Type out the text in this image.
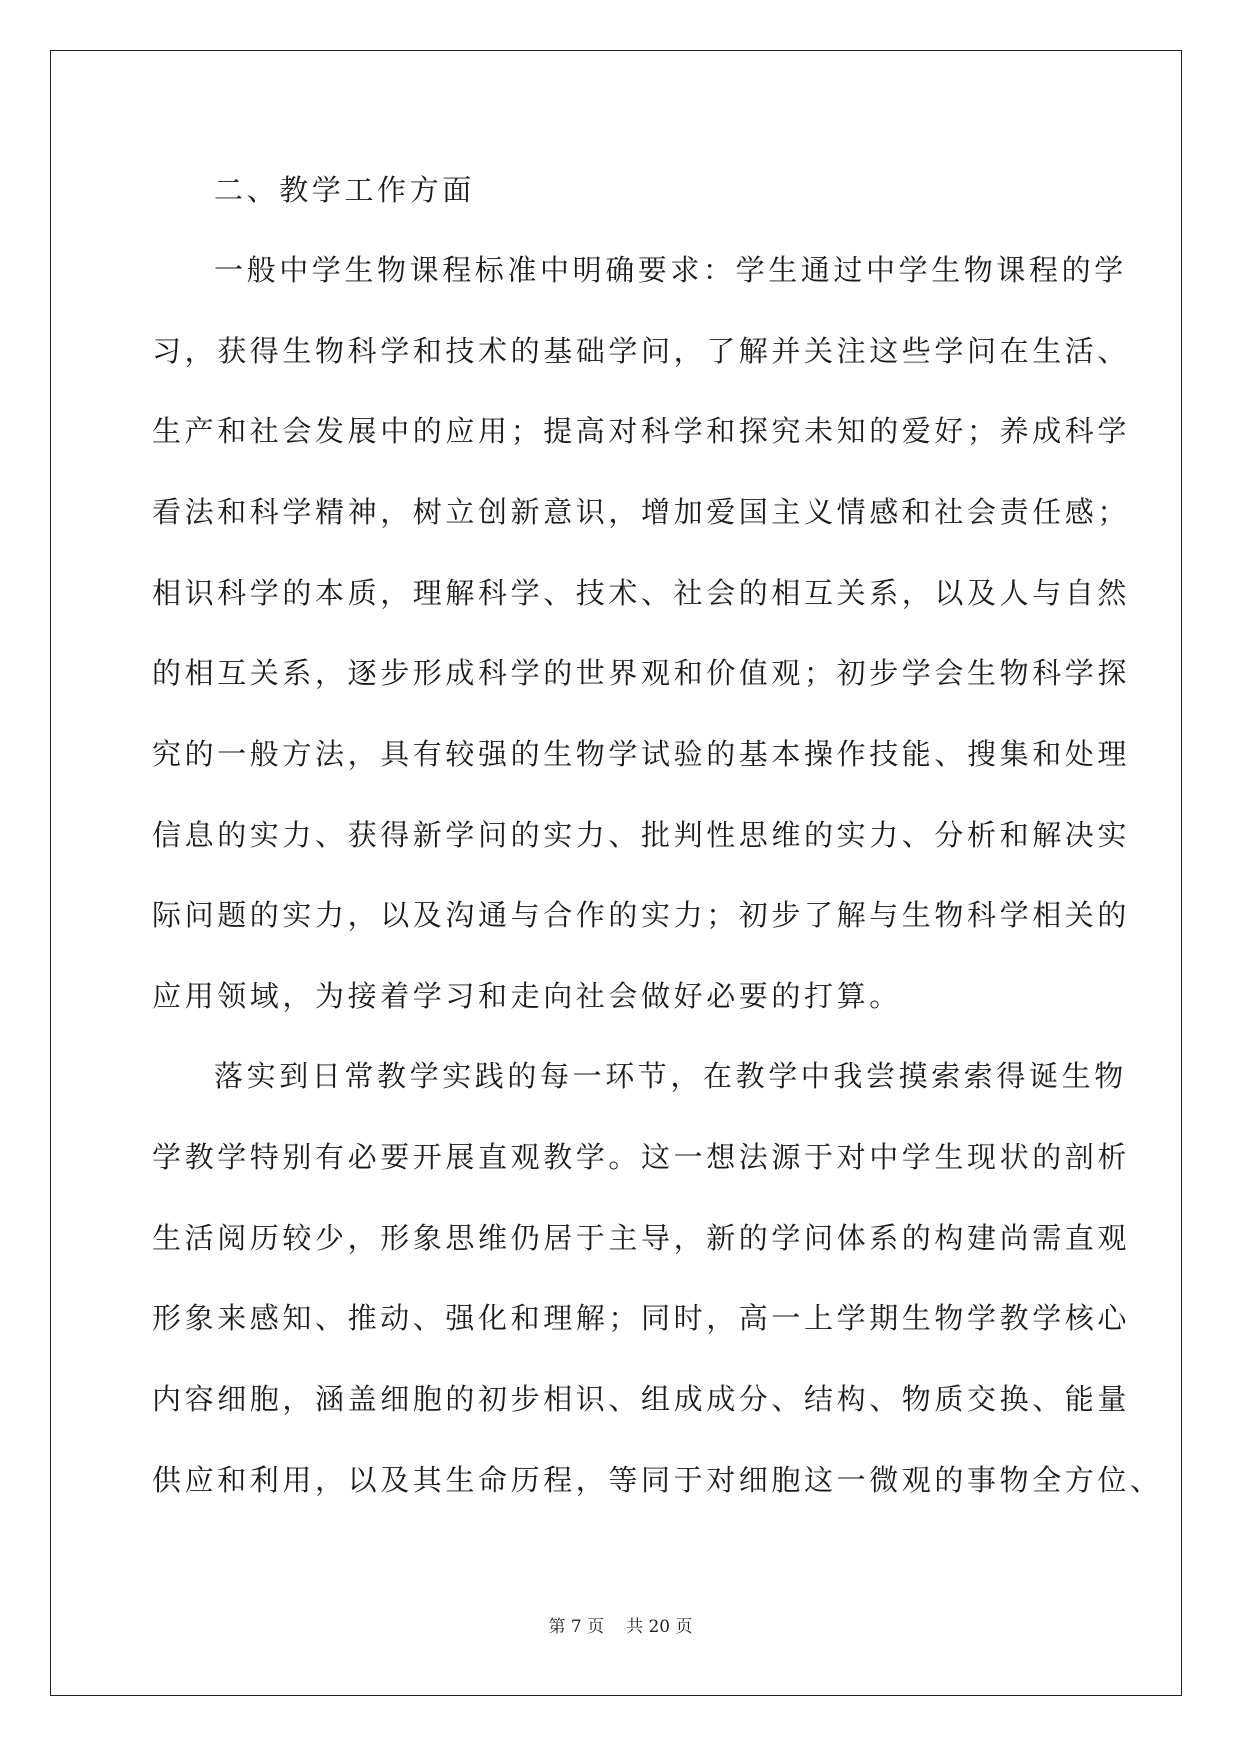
二、教学工作方面
一般中学生物课程标准中明确要求：学生通过中学生物课程的学
习，获得生物科学和技术的基础学问，了解并关注这些学问在生活、
生产和社会发展中的应用；提高对科学和探究未知的爱好；养成科学
看法和科学精神，树立创新意识，增加爱国主义情感和社会责任感；
相识科学的本质，理解科学、技术、社会的相互关系，以及人与自然
的相互关系，逐步形成科学的世界观和价值观；初步学会生物科学探
究的一般方法，具有较强的生物学试验的基本操作技能、搜集和处理
信息的实力、获得新学问的实力、批判性思维的实力、分析和解决实
际问题的实力，以及沟通与合作的实力；初步了解与生物科学相关的
应用领域，为接着学习和走向社会做好必要的打算。
落实到日常教学实践的每一环节，在教学中我尝摸索索得诞生物
学教学特别有必要开展直观教学。这一想法源于对中学生现状的剖析
生活阅历较少，形象思维仍居于主导，新的学问体系的构建尚需直观
形象来感知、推动、强化和理解；同时，高一上学期生物学教学核心
内容细胞，涵盖细胞的初步相识、组成成分、结构、物质交换、能量
供应和利用，以及其生命历程，等同于对细胞这一微观的事物全方位、
第 7 页 共 20 页
